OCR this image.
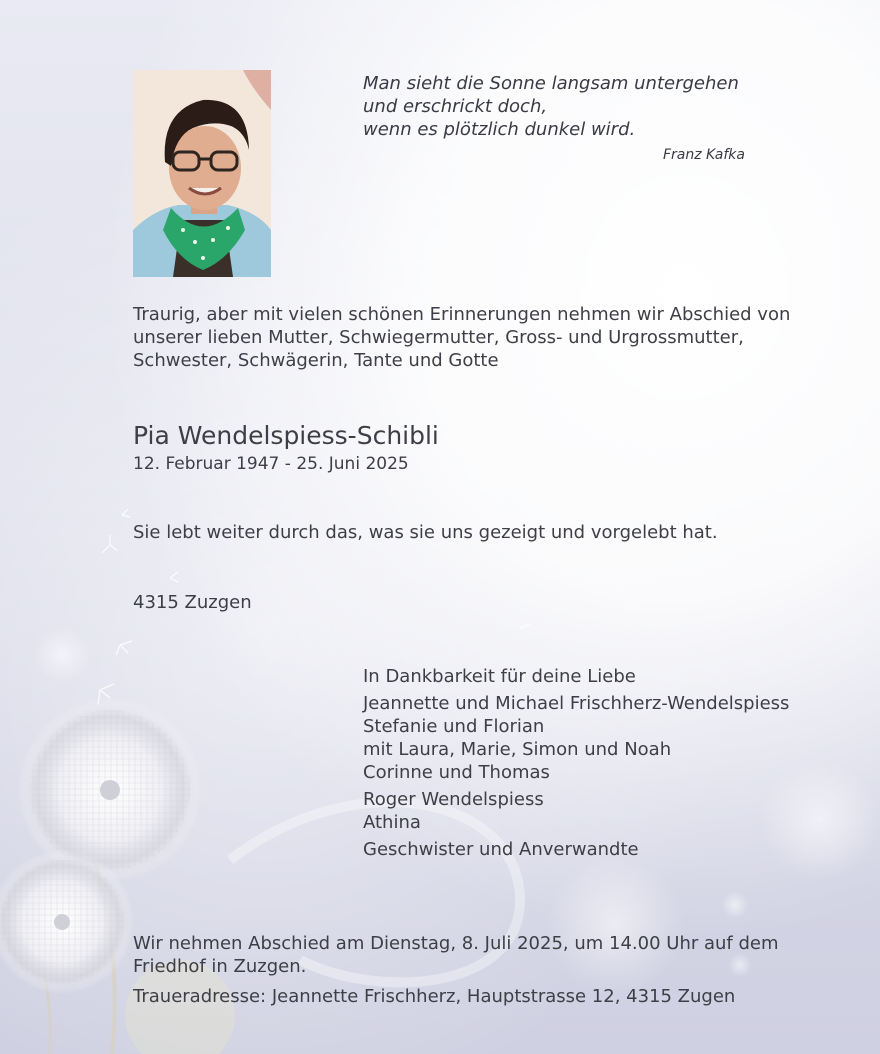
Man sieht die Sonne langsam untergehen
und erschrickt doch,
wenn es plötzlich dunkel wird.
Franz Kafka
Traurig, aber mit vielen schönen Erinnerungen nehmen wir Abschied von
unserer lieben Mutter, Schwiegermutter, Gross- und Urgrossmutter,
Schwester, Schwägerin, Tante und Gotte
Pia Wendelspiess-Schibli
12. Februar 1947 - 25. Juni 2025
Sie lebt weiter durch das, was sie uns gezeigt und vorgelebt hat.
4315 Zuzgen
In Dankbarkeit für deine Liebe
Jeannette und Michael Frischherz-Wendelspiess
Stefanie und Florian
mit Laura, Marie, Simon und Noah
Corinne und Thomas
Roger Wendelspiess
Athina
Geschwister und Anverwandte
Wir nehmen Abschied am Dienstag, 8. Juli 2025, um 14.00 Uhr auf dem
Friedhof in Zuzgen.
Traueradresse: Jeannette Frischherz, Hauptstrasse 12, 4315 Zugen
